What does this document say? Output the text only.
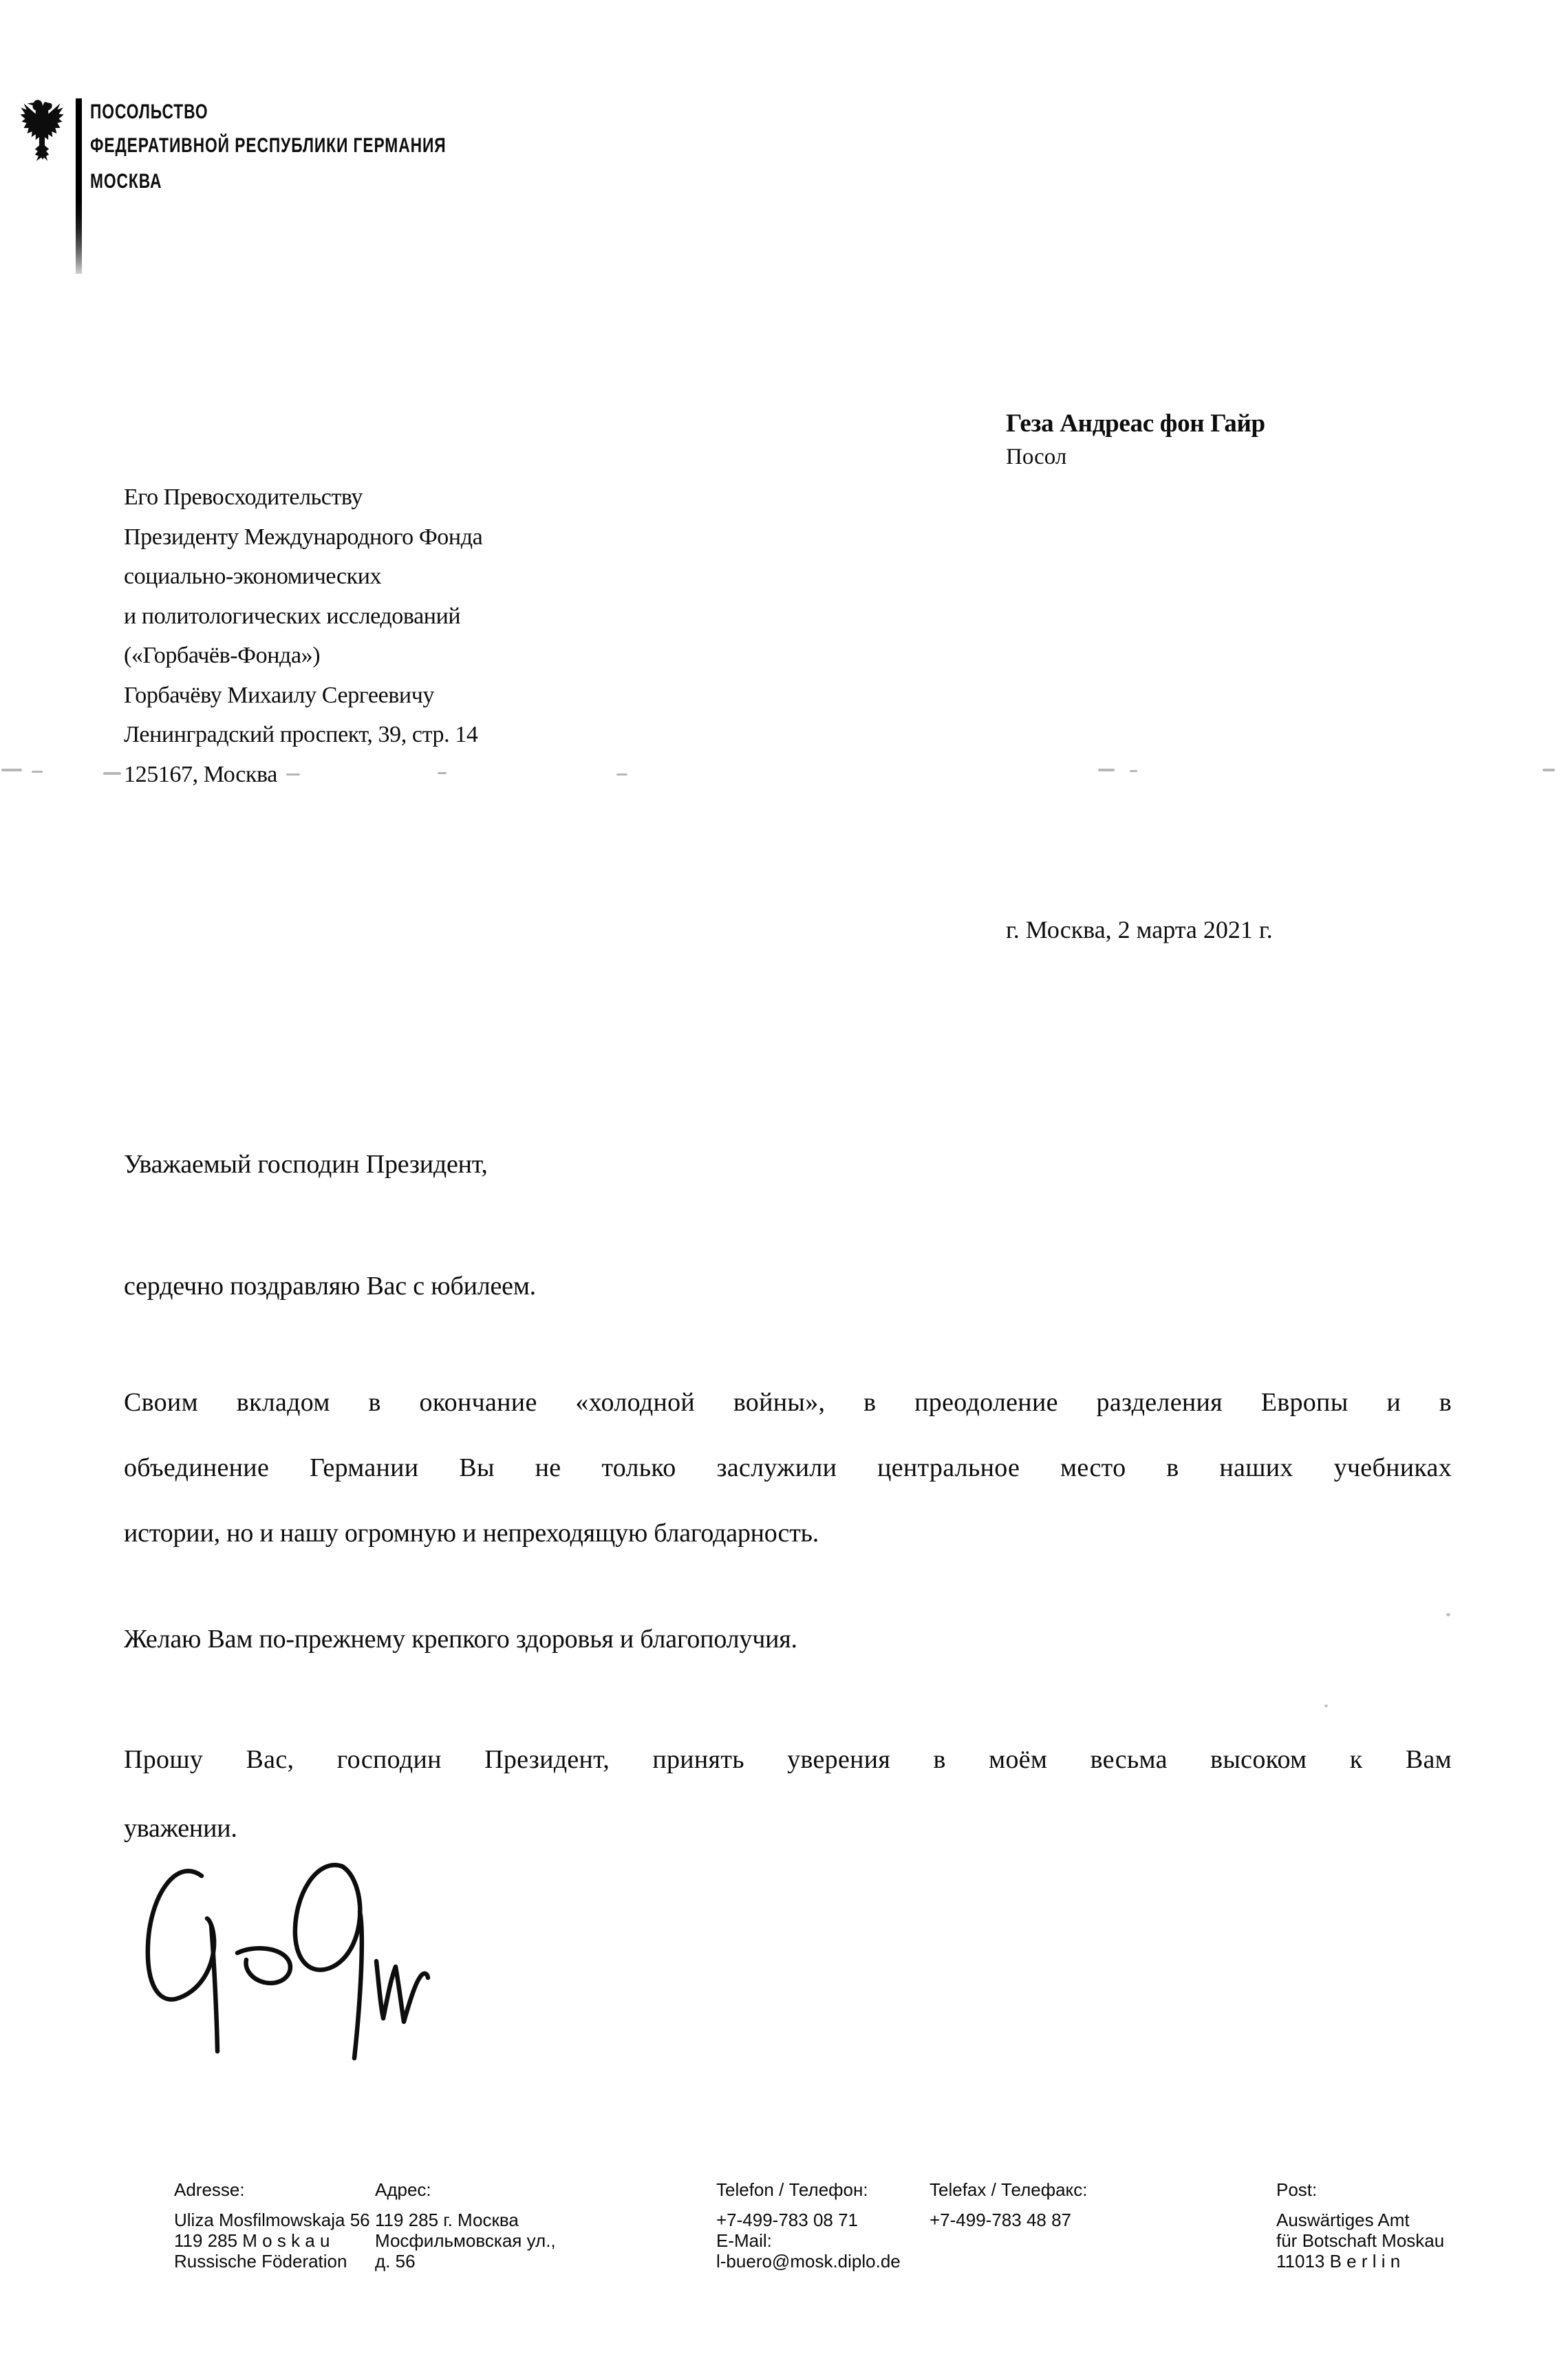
ПОСОЛЬСТВО
ФЕДЕРАТИВНОЙ РЕСПУБЛИКИ ГЕРМАНИЯ
МОСКВА
Геза Андреас фон Гайр
Посол
Его Превосходительству
Президенту Международного Фонда
социально-экономических
и политологических исследований
(«Горбачёв-Фонда»)
Горбачёву Михаилу Сергеевичу
Ленинградский проспект, 39, стр. 14
125167, Москва
г. Москва, 2 марта 2021 г.
Уважаемый господин Президент,
сердечно поздравляю Вас с юбилеем.
Своим вкладом в окончание «холодной войны», в преодоление разделения Европы и в
объединение Германии Вы не только заслужили центральное место в наших учебниках
истории, но и нашу огромную и непреходящую благодарность.
Желаю Вам по-прежнему крепкого здоровья и благополучия.
Прошу Вас, господин Президент, принять уверения в моём весьма высоком к Вам
уважении.
Adresse:
Uliza Mosfilmowskaja 56
119 285 M o s k a u
Russische Föderation
Адрес:
119 285 г. Москва
Мосфильмовская ул.,
д. 56
Telefon / Телефон:
+7-499-783 08 71
E-Mail:
l-buero@mosk.diplo.de
Telefax / Телефакс:
+7-499-783 48 87
Post:
Auswärtiges Amt
für Botschaft Moskau
11013 B e r l i n
